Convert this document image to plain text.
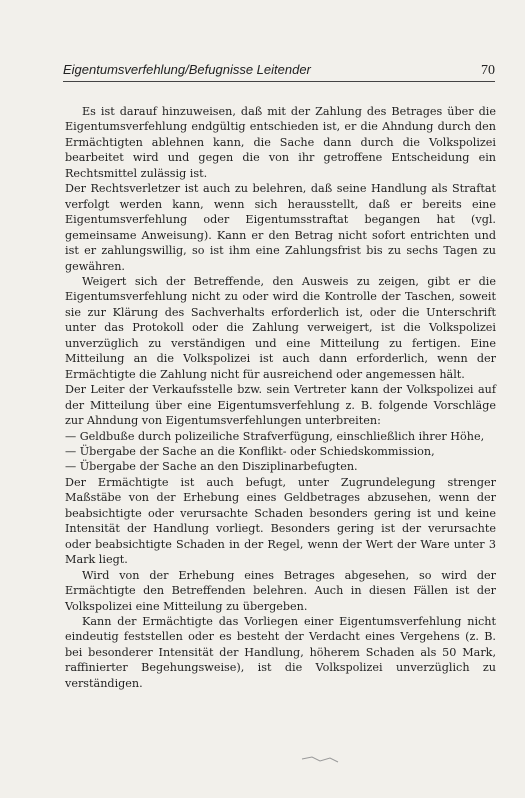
Eigentumsverfehlung/Befugnisse Leitender	70

Es ist darauf hinzuweisen, daß mit der Zahlung des Betrages über die Eigentumsverfehlung endgültig entschieden ist, er die Ahndung durch den Ermächtigten ablehnen kann, die Sache dann durch die Volkspolizei bearbeitet wird und gegen die von ihr getroffene Entscheidung ein Rechtsmittel zulässig ist.

Der Rechtsverletzer ist auch zu belehren, daß seine Handlung als Straftat verfolgt werden kann, wenn sich herausstellt, daß er bereits eine Eigentumsverfehlung oder Eigentumsstraftat begangen hat (vgl. gemeinsame Anweisung). Kann er den Betrag nicht sofort entrichten und ist er zahlungswillig, so ist ihm eine Zahlungsfrist bis zu sechs Tagen zu gewähren.

Weigert sich der Betreffende, den Ausweis zu zeigen, gibt er die Eigentumsverfehlung nicht zu oder wird die Kontrolle der Taschen, soweit sie zur Klärung des Sachverhalts erforderlich ist, oder die Unterschrift unter das Protokoll oder die Zahlung verweigert, ist die Volkspolizei unverzüglich zu verständigen und eine Mitteilung zu fertigen. Eine Mitteilung an die Volkspolizei ist auch dann erforderlich, wenn der Ermächtigte die Zahlung nicht für ausreichend oder angemessen hält.

Der Leiter der Verkaufsstelle bzw. sein Vertreter kann der Volkspolizei auf der Mitteilung über eine Eigentumsverfehlung z. B. folgende Vorschläge zur Ahndung von Eigentumsverfehlungen unterbreiten:

— Geldbuße durch polizeiliche Strafverfügung, einschließlich ihrer Höhe,

— Übergabe der Sache an die Konflikt- oder Schiedskommission,

— Übergabe der Sache an den Disziplinarbefugten.

Der Ermächtigte ist auch befugt, unter Zugrundelegung strenger Maßstäbe von der Erhebung eines Geldbetrages abzusehen, wenn der beabsichtigte oder verursachte Schaden besonders gering ist und keine Intensität der Handlung vorliegt. Besonders gering ist der verursachte oder beabsichtigte Schaden in der Regel, wenn der Wert der Ware unter 3 Mark liegt.

Wird von der Erhebung eines Betrages abgesehen, so wird der Ermächtigte den Betreffenden belehren. Auch in diesen Fällen ist der Volkspolizei eine Mitteilung zu übergeben.

Kann der Ermächtigte das Vorliegen einer Eigentumsverfehlung nicht eindeutig feststellen oder es besteht der Verdacht eines Vergehens (z. B. bei besonderer Intensität der Handlung, höherem Schaden als 50 Mark, raffinierter Begehungsweise), ist die Volkspolizei unverzüglich zu verständigen.
